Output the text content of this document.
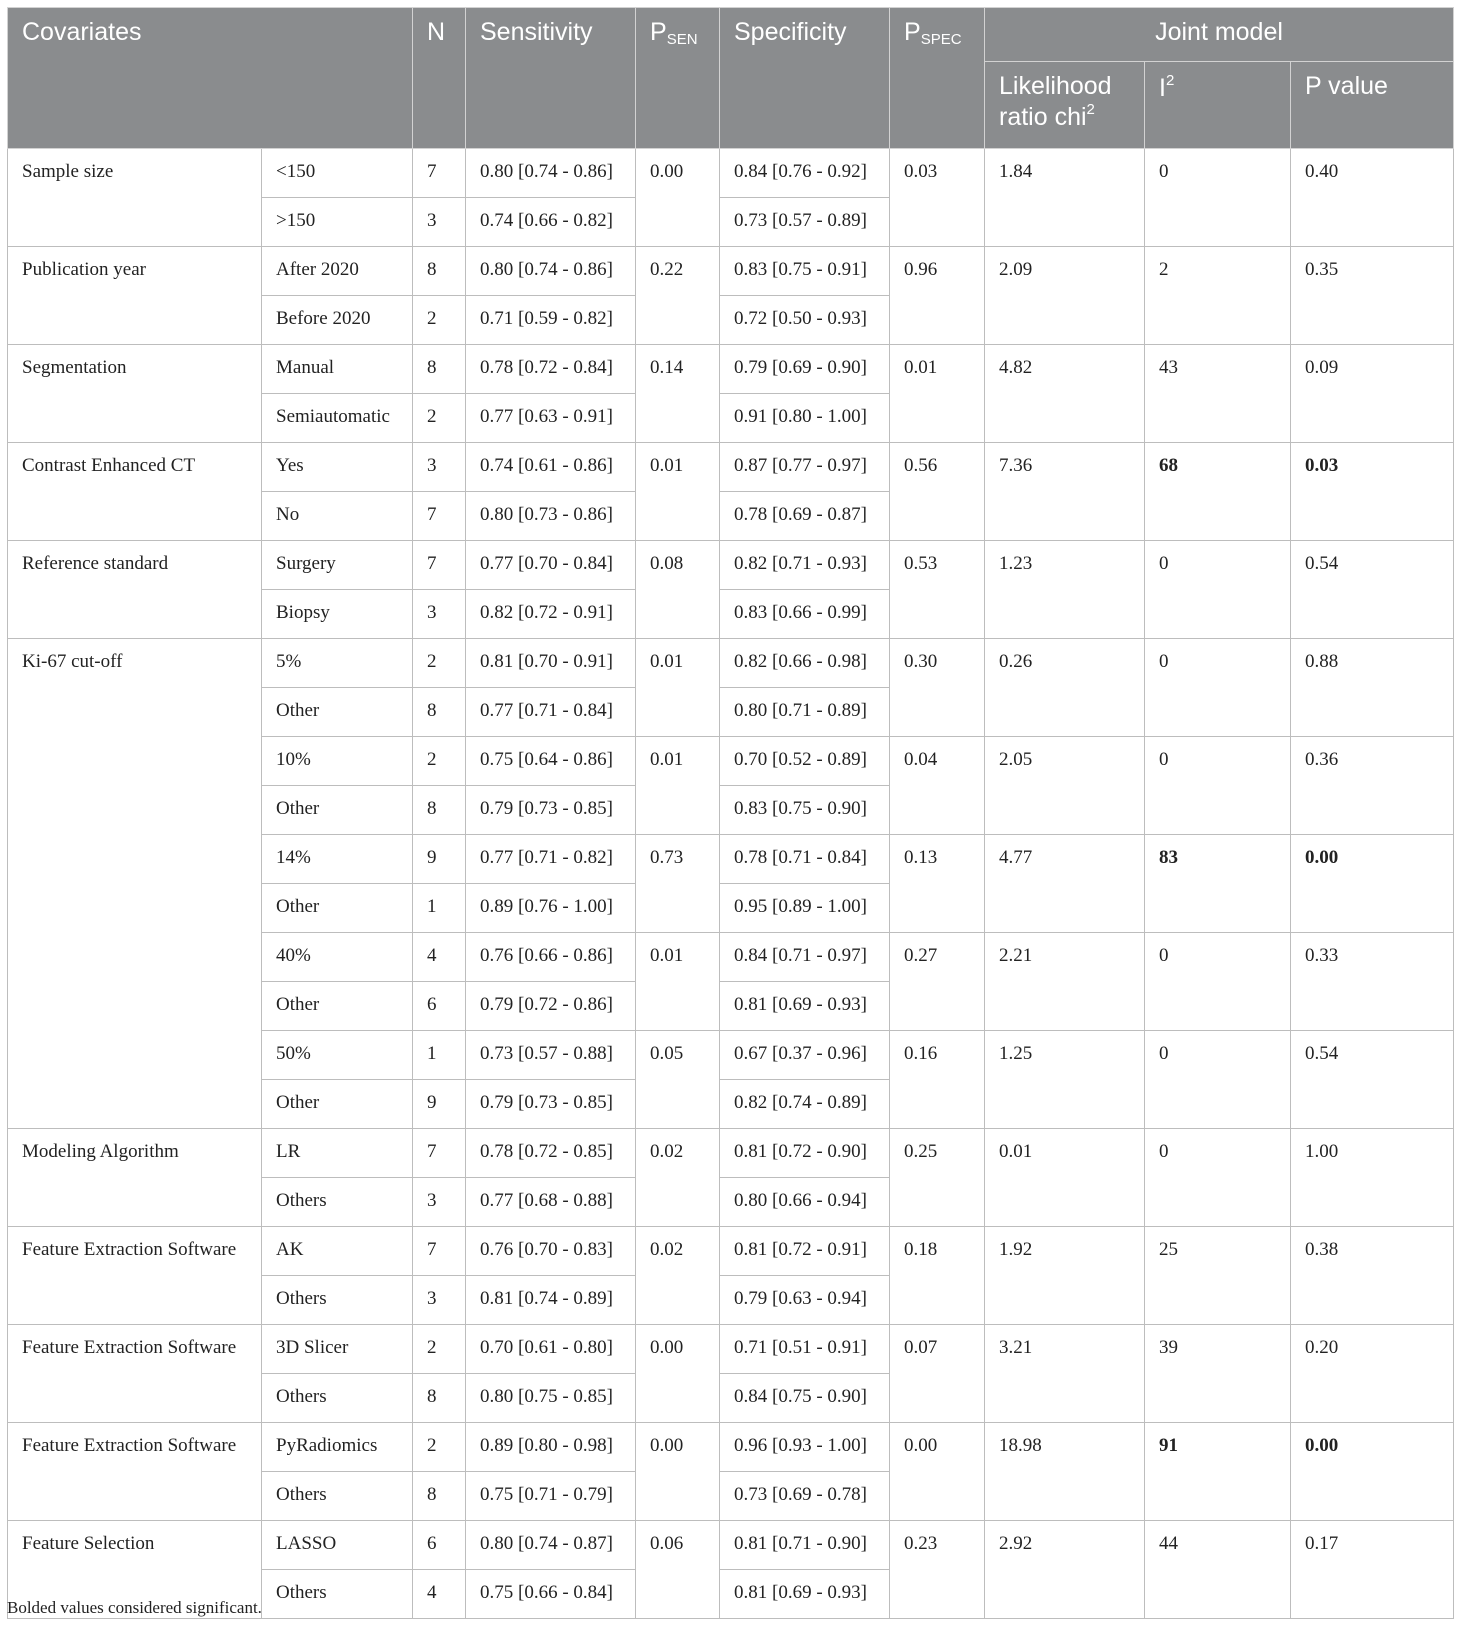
Covariates		N	Sensitivity	$P_{SEN}$	Specificity	$P_{SPEC}$	Joint model		
							Likelihood ratio chi$^2$	$I^2$	P value
Sample size	<150	7	0.80 [0.74 - 0.86]	0.00	0.84 [0.76 - 0.92]	0.03	1.84	0	0.40
	>150	3	0.74 [0.66 - 0.82]		0.73 [0.57 - 0.89]				
Publication year	After 2020	8	0.80 [0.74 - 0.86]	0.22	0.83 [0.75 - 0.91]	0.96	2.09	2	0.35
	Before 2020	2	0.71 [0.59 - 0.82]		0.72 [0.50 - 0.93]				
Segmentation	Manual	8	0.78 [0.72 - 0.84]	0.14	0.79 [0.69 - 0.90]	0.01	4.82	43	0.09
	Semiautomatic	2	0.77 [0.63 - 0.91]		0.91 [0.80 - 1.00]				
Contrast Enhanced CT	Yes	3	0.74 [0.61 - 0.86]	0.01	0.87 [0.77 - 0.97]	0.56	7.36	68	0.03
	No	7	0.80 [0.73 - 0.86]		0.78 [0.69 - 0.87]				
Reference standard	Surgery	7	0.77 [0.70 - 0.84]	0.08	0.82 [0.71 - 0.93]	0.53	1.23	0	0.54
	Biopsy	3	0.82 [0.72 - 0.91]		0.83 [0.66 - 0.99]				
Ki-67 cut-off	5%	2	0.81 [0.70 - 0.91]	0.01	0.82 [0.66 - 0.98]	0.30	0.26	0	0.88
	Other	8	0.77 [0.71 - 0.84]		0.80 [0.71 - 0.89]				
	10%	2	0.75 [0.64 - 0.86]	0.01	0.70 [0.52 - 0.89]	0.04	2.05	0	0.36
	Other	8	0.79 [0.73 - 0.85]		0.83 [0.75 - 0.90]				
	14%	9	0.77 [0.71 - 0.82]	0.73	0.78 [0.71 - 0.84]	0.13	4.77	83	0.00
	Other	1	0.89 [0.76 - 1.00]		0.95 [0.89 - 1.00]				
	40%	4	0.76 [0.66 - 0.86]	0.01	0.84 [0.71 - 0.97]	0.27	2.21	0	0.33
	Other	6	0.79 [0.72 - 0.86]		0.81 [0.69 - 0.93]				
	50%	1	0.73 [0.57 - 0.88]	0.05	0.67 [0.37 - 0.96]	0.16	1.25	0	0.54
	Other	9	0.79 [0.73 - 0.85]		0.82 [0.74 - 0.89]				
Modeling Algorithm	LR	7	0.78 [0.72 - 0.85]	0.02	0.81 [0.72 - 0.90]	0.25	0.01	0	1.00
	Others	3	0.77 [0.68 - 0.88]		0.80 [0.66 - 0.94]				
Feature Extraction Software	AK	7	0.76 [0.70 - 0.83]	0.02	0.81 [0.72 - 0.91]	0.18	1.92	25	0.38
	Others	3	0.81 [0.74 - 0.89]		0.79 [0.63 - 0.94]				
Feature Extraction Software	3D Slicer	2	0.70 [0.61 - 0.80]	0.00	0.71 [0.51 - 0.91]	0.07	3.21	39	0.20
	Others	8	0.80 [0.75 - 0.85]		0.84 [0.75 - 0.90]				
Feature Extraction Software	PyRadiomics	2	0.89 [0.80 - 0.98]	0.00	0.96 [0.93 - 1.00]	0.00	18.98	91	0.00
	Others	8	0.75 [0.71 - 0.79]		0.73 [0.69 - 0.78]				
Feature Selection	LASSO	6	0.80 [0.74 - 0.87]	0.06	0.81 [0.71 - 0.90]	0.23	2.92	44	0.17
	Others	4	0.75 [0.66 - 0.84]		0.81 [0.69 - 0.93]				
Bolded values considered significant.
